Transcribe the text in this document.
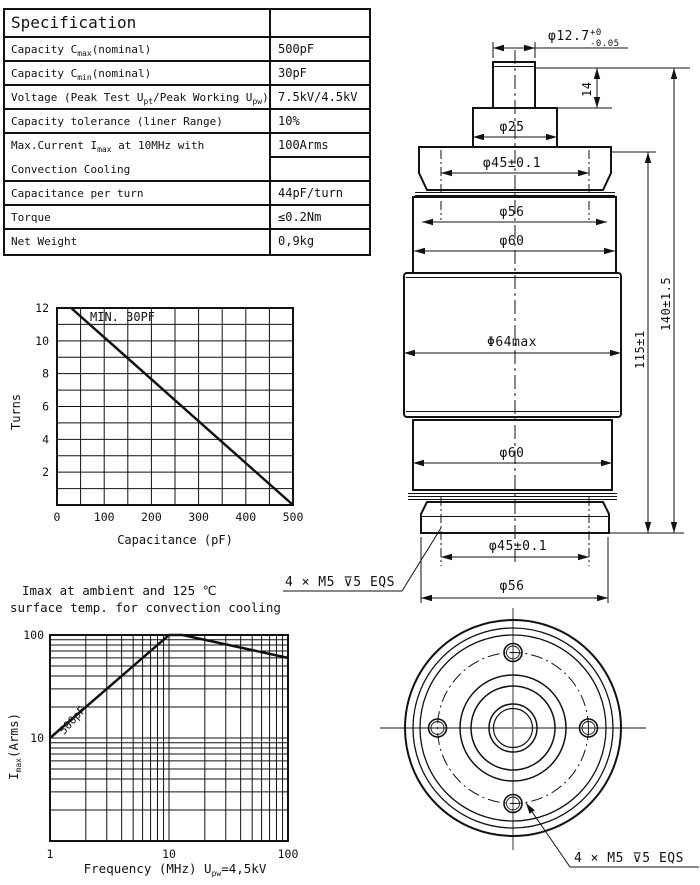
Specification
Capacity $C_{max}(nominal)$	500pF
Capacity $C_{min}(nominal)$	30pF
Voltage (Peak Test $U_{pt}$/Peak Working $U_{pw}$) 7.5kV/4.5kV
Capacity tolerance (liner Range)	10%
Max.Current $I_{max}$ at 10MHz with	100Arms
Convection Cooling
Capacitance per turn	44pF/turn
Torque	≤0.2Nm
Net Weight	0,9kg
0	100 200 300 400 500
2
4
6
8
10
12
Capacitance (pF)
Turns
MIN. 30PF
Imax at ambient and 125 ℃
surface temp. for convection cooling
1	10	100
10
100
Frequency (MHz) Upw=4,5kV
Imax(Arms)	500pF
φ12.7 +0
-0.05
14
φ25
φ45±0.1
φ56
φ60
Φ64max
φ60
φ45±0.1
φ56
115±1
140±1.5
4 × M5 ⊽5 EQS
4 × M5 ⊽5 EQS
